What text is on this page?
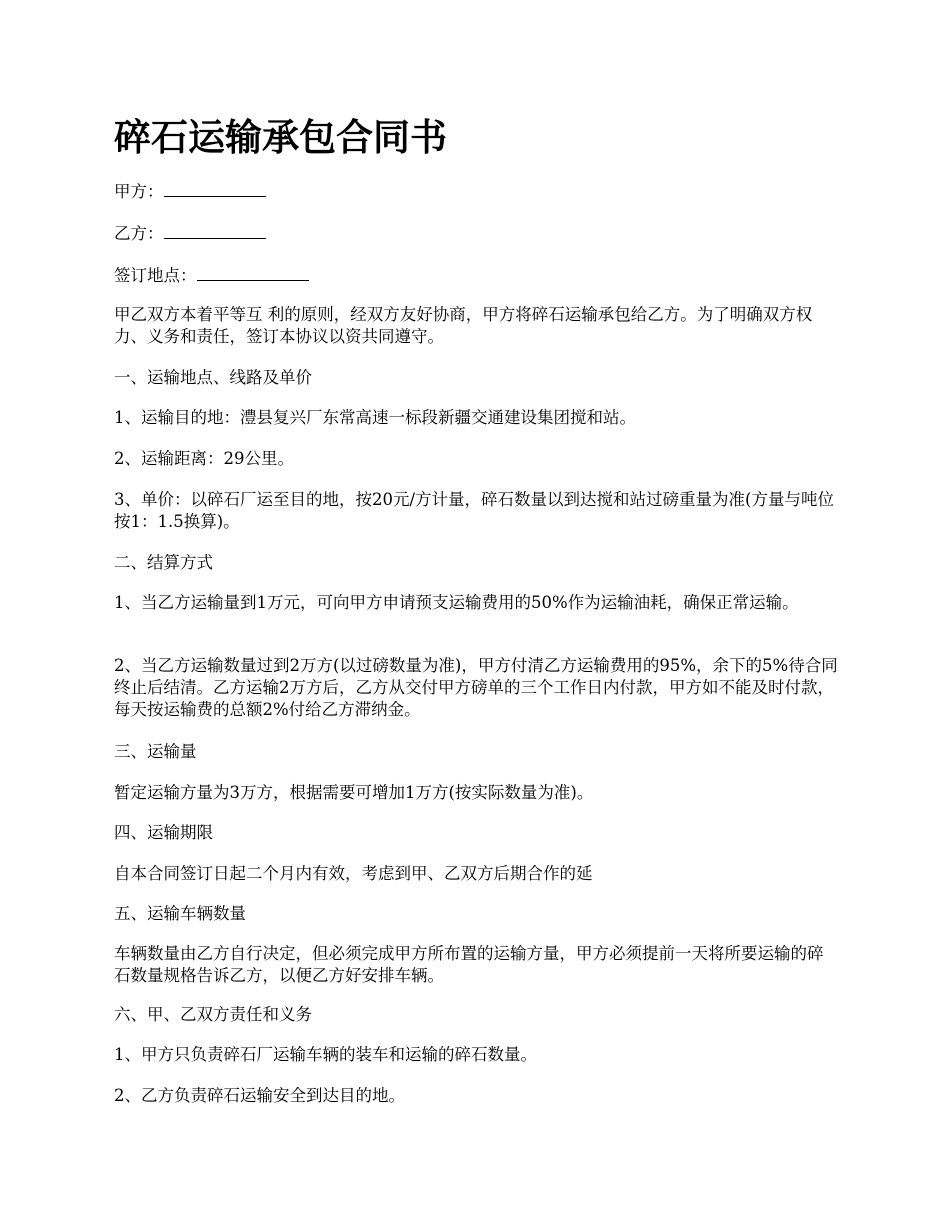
碎石运输承包合同书

甲方：

乙方：

签订地点：

甲乙双方本着平等互 利的原则，经双方友好协商，甲方将碎石运输承包给乙方。为了明确双方权力、义务和责任，签订本协议以资共同遵守。

一、运输地点、线路及单价

1、运输目的地：澧县复兴厂东常高速一标段新疆交通建设集团搅和站。

2、运输距离：29公里。

3、单价：以碎石厂运至目的地，按20元/方计量，碎石数量以到达搅和站过磅重量为准(方量与吨位按1：1.5换算)。

二、结算方式

1、当乙方运输量到1万元，可向甲方申请预支运输费用的50%作为运输油耗，确保正常运输。

2、当乙方运输数量过到2万方(以过磅数量为准)，甲方付清乙方运输费用的95%，余下的5%待合同终止后结清。乙方运输2万方后，乙方从交付甲方磅单的三个工作日内付款，甲方如不能及时付款，每天按运输费的总额2%付给乙方滞纳金。

三、运输量

暂定运输方量为3万方，根据需要可增加1万方(按实际数量为准)。

四、运输期限

自本合同签订日起二个月内有效，考虑到甲、乙双方后期合作的延

五、运输车辆数量

车辆数量由乙方自行决定，但必须完成甲方所布置的运输方量，甲方必须提前一天将所要运输的碎石数量规格告诉乙方，以便乙方好安排车辆。

六、甲、乙双方责任和义务

1、甲方只负责碎石厂运输车辆的装车和运输的碎石数量。

2、乙方负责碎石运输安全到达目的地。
